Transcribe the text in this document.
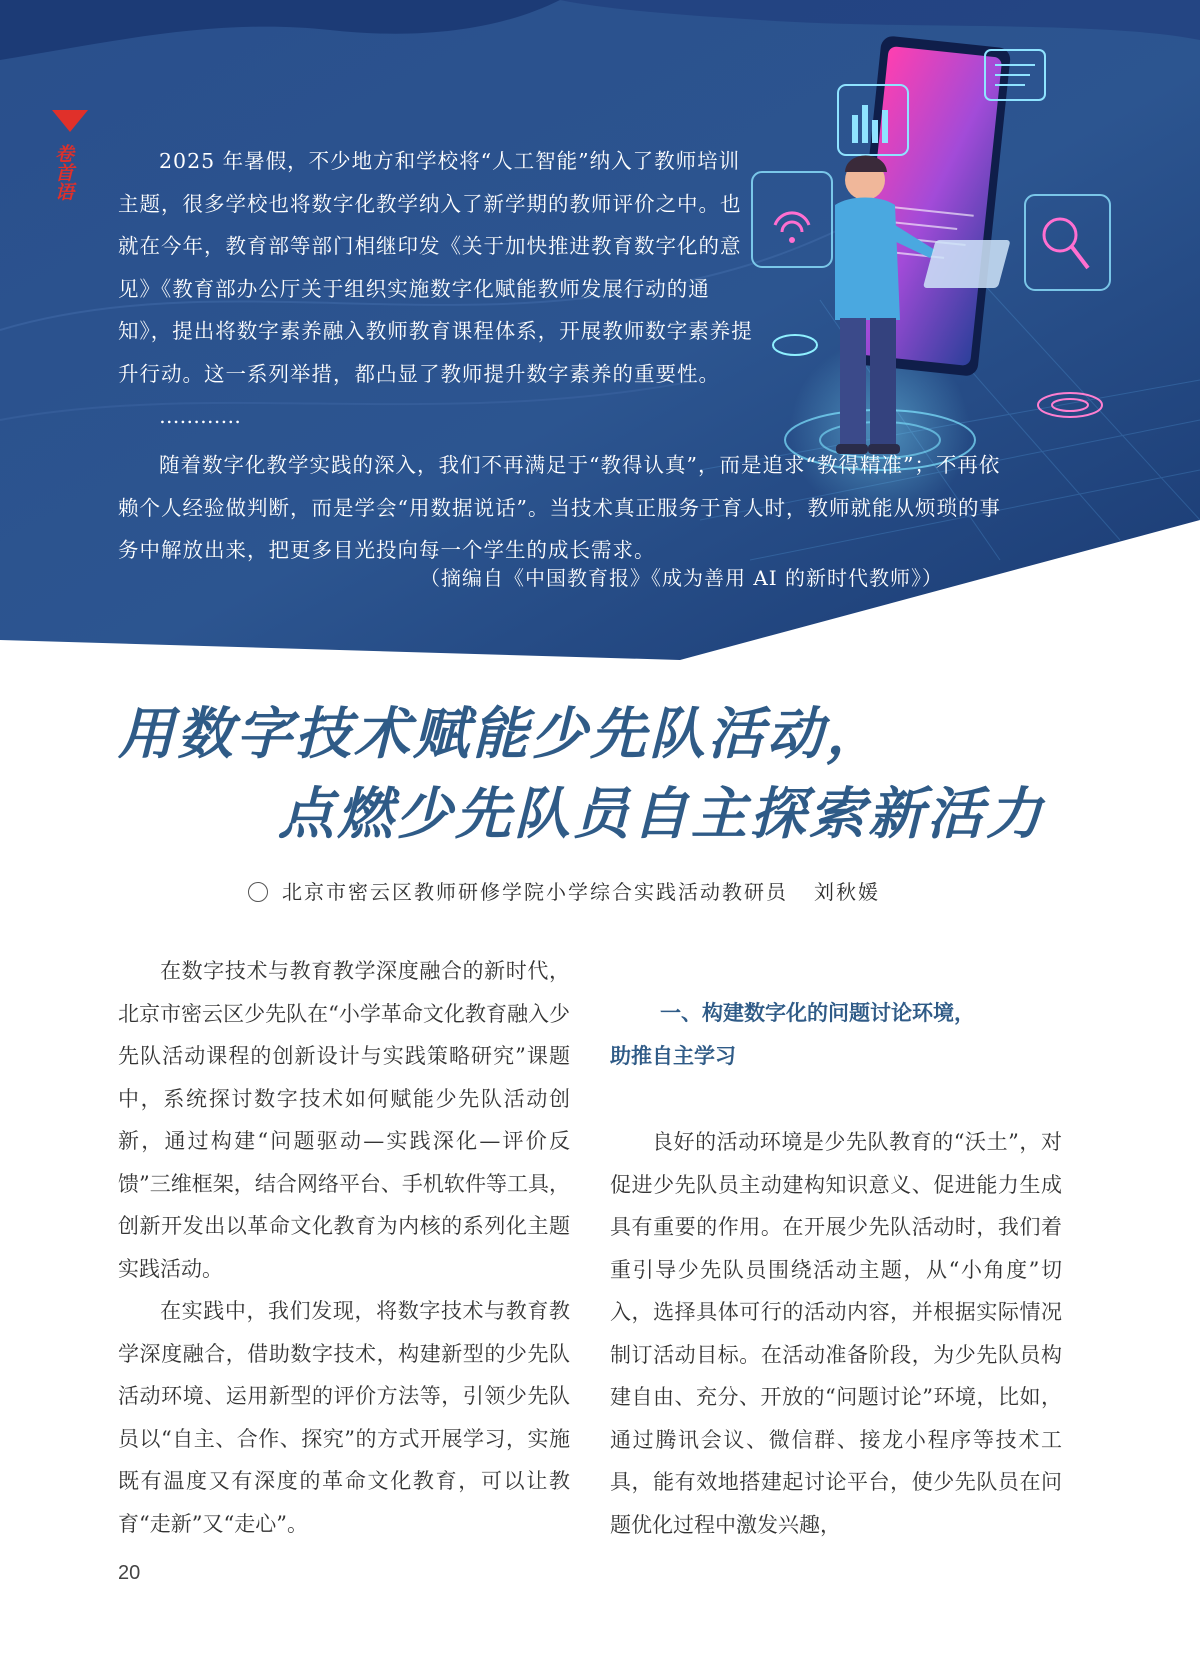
卷首语	2025 年暑假，不少地方和学校将“人工智能”纳入了教师培训主题，很多学校也将数字化教学纳入了新学期的教师评价之中。也就在今年，教育部等部门相继印发《关于加快推进教育数字化的意见》《教育部办公厅关于组织实施数字化赋能教师发展行动的通知》，提出将数字素养融入教师教育课程体系，开展教师数字素养提升行动。这一系列举措，都凸显了教师提升数字素养的重要性。

…………

随着数字化教学实践的深入，我们不再满足于“教得认真”，而是追求“教得精准”；不再依赖个人经验做判断，而是学会“用数据说话”。当技术真正服务于育人时，教师就能从烦琐的事务中解放出来，把更多目光投向每一个学生的成长需求。

（摘编自《中国教育报》《成为善用 AI 的新时代教师》）
用数字技术赋能少先队活动，
点燃少先队员自主探索新活力
北京市密云区教师研修学院小学综合实践活动教研员 刘秋媛

在数字技术与教育教学深度融合的新时代，北京市密云区少先队在“小学革命文化教育融入少先队活动课程的创新设计与实践策略研究”课题中，系统探讨数字技术如何赋能少先队活动创新，通过构建“问题驱动—实践深化—评价反馈”三维框架，结合网络平台、手机软件等工具，创新开发出以革命文化教育为内核的系列化主题实践活动。

在实践中，我们发现，将数字技术与教育教学深度融合，借助数字技术，构建新型的少先队活动环境、运用新型的评价方法等，引领少先队员以“自主、合作、探究”的方式开展学习，实施既有温度又有深度的革命文化教育，可以让教育“走新”又“走心”。

一、构建数字化的问题讨论环境，
助推自主学习

良好的活动环境是少先队教育的“沃土”，对促进少先队员主动建构知识意义、促进能力生成具有重要的作用。在开展少先队活动时，我们着重引导少先队员围绕活动主题，从“小角度”切入，选择具体可行的活动内容，并根据实际情况制订活动目标。在活动准备阶段，为少先队员构建自由、充分、开放的“问题讨论”环境，比如，通过腾讯会议、微信群、接龙小程序等技术工具，能有效地搭建起讨论平台，使少先队员在问题优化过程中激发兴趣，

20
